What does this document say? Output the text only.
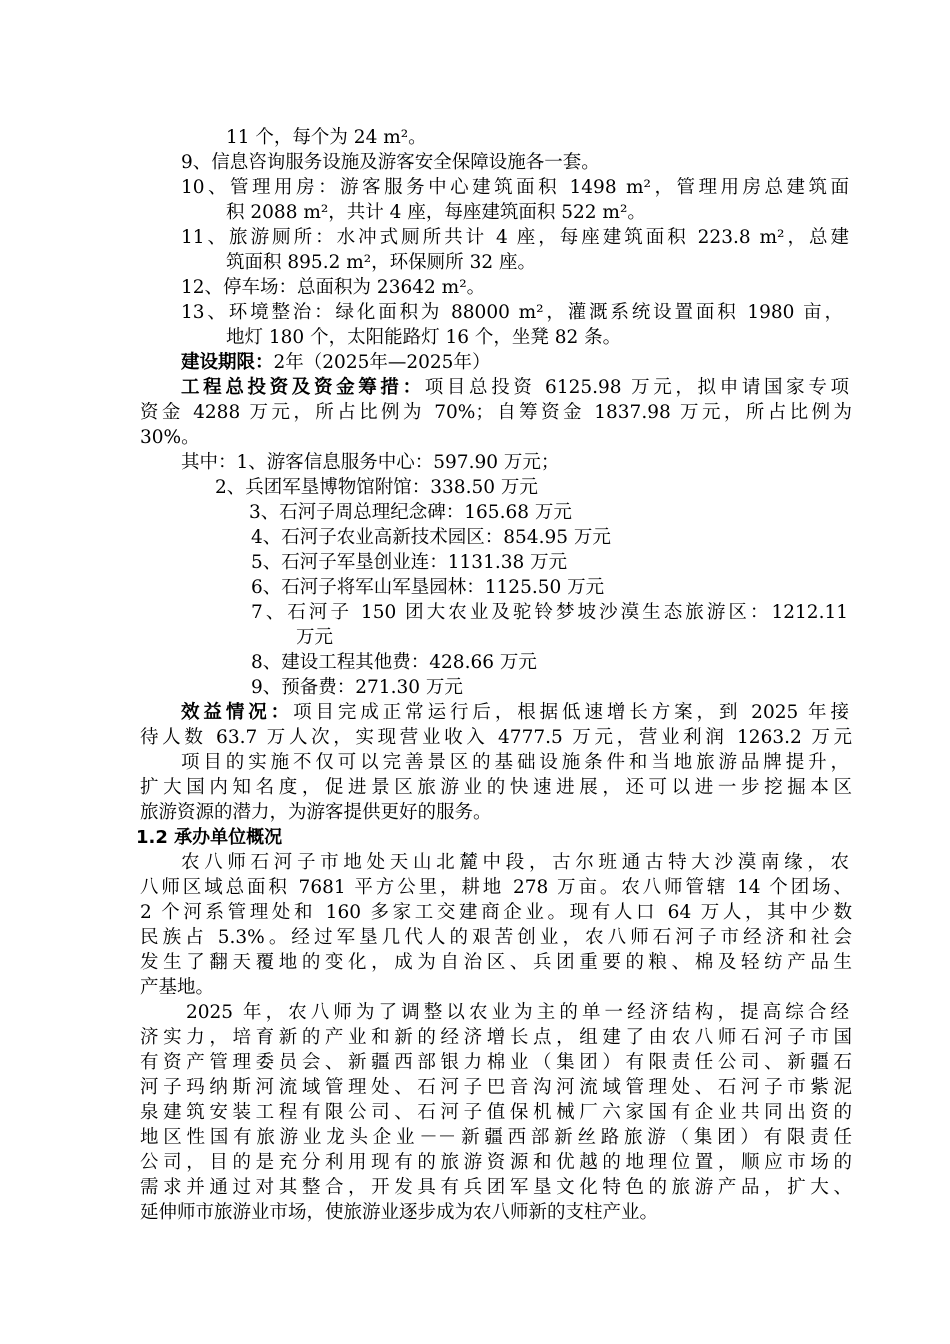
11 个，每个为 24 m²。
9、信息咨询服务设施及游客安全保障设施各一套。
10、管理用房：游客服务中心建筑面积 1498 m²，管理用房总建筑面
积 2088 m²，共计 4 座，每座建筑面积 522 m²。
11、旅游厕所：水冲式厕所共计 4 座，每座建筑面积 223.8 m²，总建
筑面积 895.2 m²，环保厕所 32 座。
12、停车场：总面积为 23642 m²。
13、环境整治：绿化面积为 88000 m²，灌溉系统设置面积 1980 亩，
地灯 180 个，太阳能路灯 16 个，坐凳 82 条。
建设期限：2年（2025年—2025年）
工程总投资及资金筹措：项目总投资 6125.98 万元，拟申请国家专项
资金 4288 万元，所占比例为 70%；自筹资金 1837.98 万元，所占比例为
30%。
其中：1、游客信息服务中心：597.90 万元；
2、兵团军垦博物馆附馆：338.50 万元
3、石河子周总理纪念碑：165.68 万元
4、石河子农业高新技术园区：854.95 万元
5、石河子军垦创业连：1131.38 万元
6、石河子将军山军垦园林：1125.50 万元
7、石河子 150 团大农业及驼铃梦坡沙漠生态旅游区：1212.11
万元
8、建设工程其他费：428.66 万元
9、预备费：271.30 万元
效益情况：项目完成正常运行后，根据低速增长方案，到 2025 年接
待人数 63.7 万人次，实现营业收入 4777.5 万元，营业利润 1263.2 万元
项目的实施不仅可以完善景区的基础设施条件和当地旅游品牌提升，
扩大国内知名度，促进景区旅游业的快速进展，还可以进一步挖掘本区
旅游资源的潜力，为游客提供更好的服务。
1.2 承办单位概况
农八师石河子市地处天山北麓中段，古尔班通古特大沙漠南缘，农
八师区域总面积 7681 平方公里，耕地 278 万亩。农八师管辖 14 个团场、
2 个河系管理处和 160 多家工交建商企业。现有人口 64 万人，其中少数
民族占 5.3%。经过军垦几代人的艰苦创业，农八师石河子市经济和社会
发生了翻天覆地的变化，成为自治区、兵团重要的粮、棉及轻纺产品生
产基地。
2025 年，农八师为了调整以农业为主的单一经济结构，提高综合经
济实力，培育新的产业和新的经济增长点，组建了由农八师石河子市国
有资产管理委员会、新疆西部银力棉业（集团）有限责任公司、新疆石
河子玛纳斯河流域管理处、石河子巴音沟河流域管理处、石河子市紫泥
泉建筑安装工程有限公司、石河子值保机械厂六家国有企业共同出资的
地区性国有旅游业龙头企业－－新疆西部新丝路旅游（集团）有限责任
公司，目的是充分利用现有的旅游资源和优越的地理位置，顺应市场的
需求并通过对其整合，开发具有兵团军垦文化特色的旅游产品，扩大、
延伸师市旅游业市场，使旅游业逐步成为农八师新的支柱产业。
